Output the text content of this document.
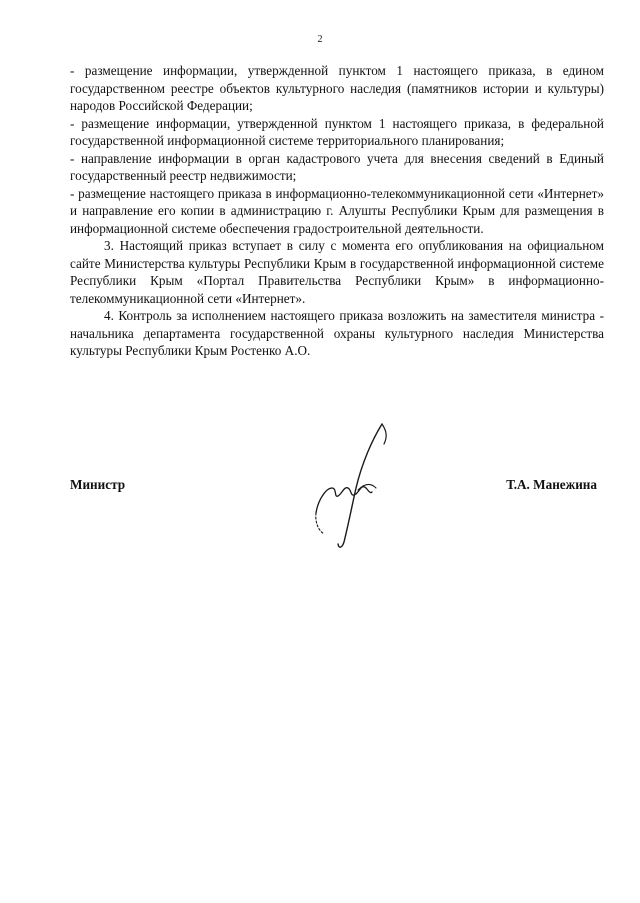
2

- размещение информации, утвержденной пунктом 1 настоящего приказа, в едином государственном реестре объектов культурного наследия (памятников истории и культуры) народов Российской Федерации;

- размещение информации, утвержденной пунктом 1 настоящего приказа, в федеральной государственной информационной системе территориального планирования;

- направление информации в орган кадастрового учета для внесения сведений в Единый государственный реестр недвижимости;

- размещение настоящего приказа в информационно-телекоммуникационной сети «Интернет» и направление его копии в администрацию г. Алушты Республики Крым для размещения в информационной системе обеспечения градостроительной деятельности.

3. Настоящий приказ вступает в силу с момента его опубликования на официальном сайте Министерства культуры Республики Крым в государственной информационной системе Республики Крым «Портал Правительства Республики Крым» в информационно-телекоммуникационной сети «Интернет».

4. Контроль за исполнением настоящего приказа возложить на заместителя министра - начальника департамента государственной охраны культурного наследия Министерства культуры Республики Крым Ростенко А.О.

Министр	Т.А. Манежина
